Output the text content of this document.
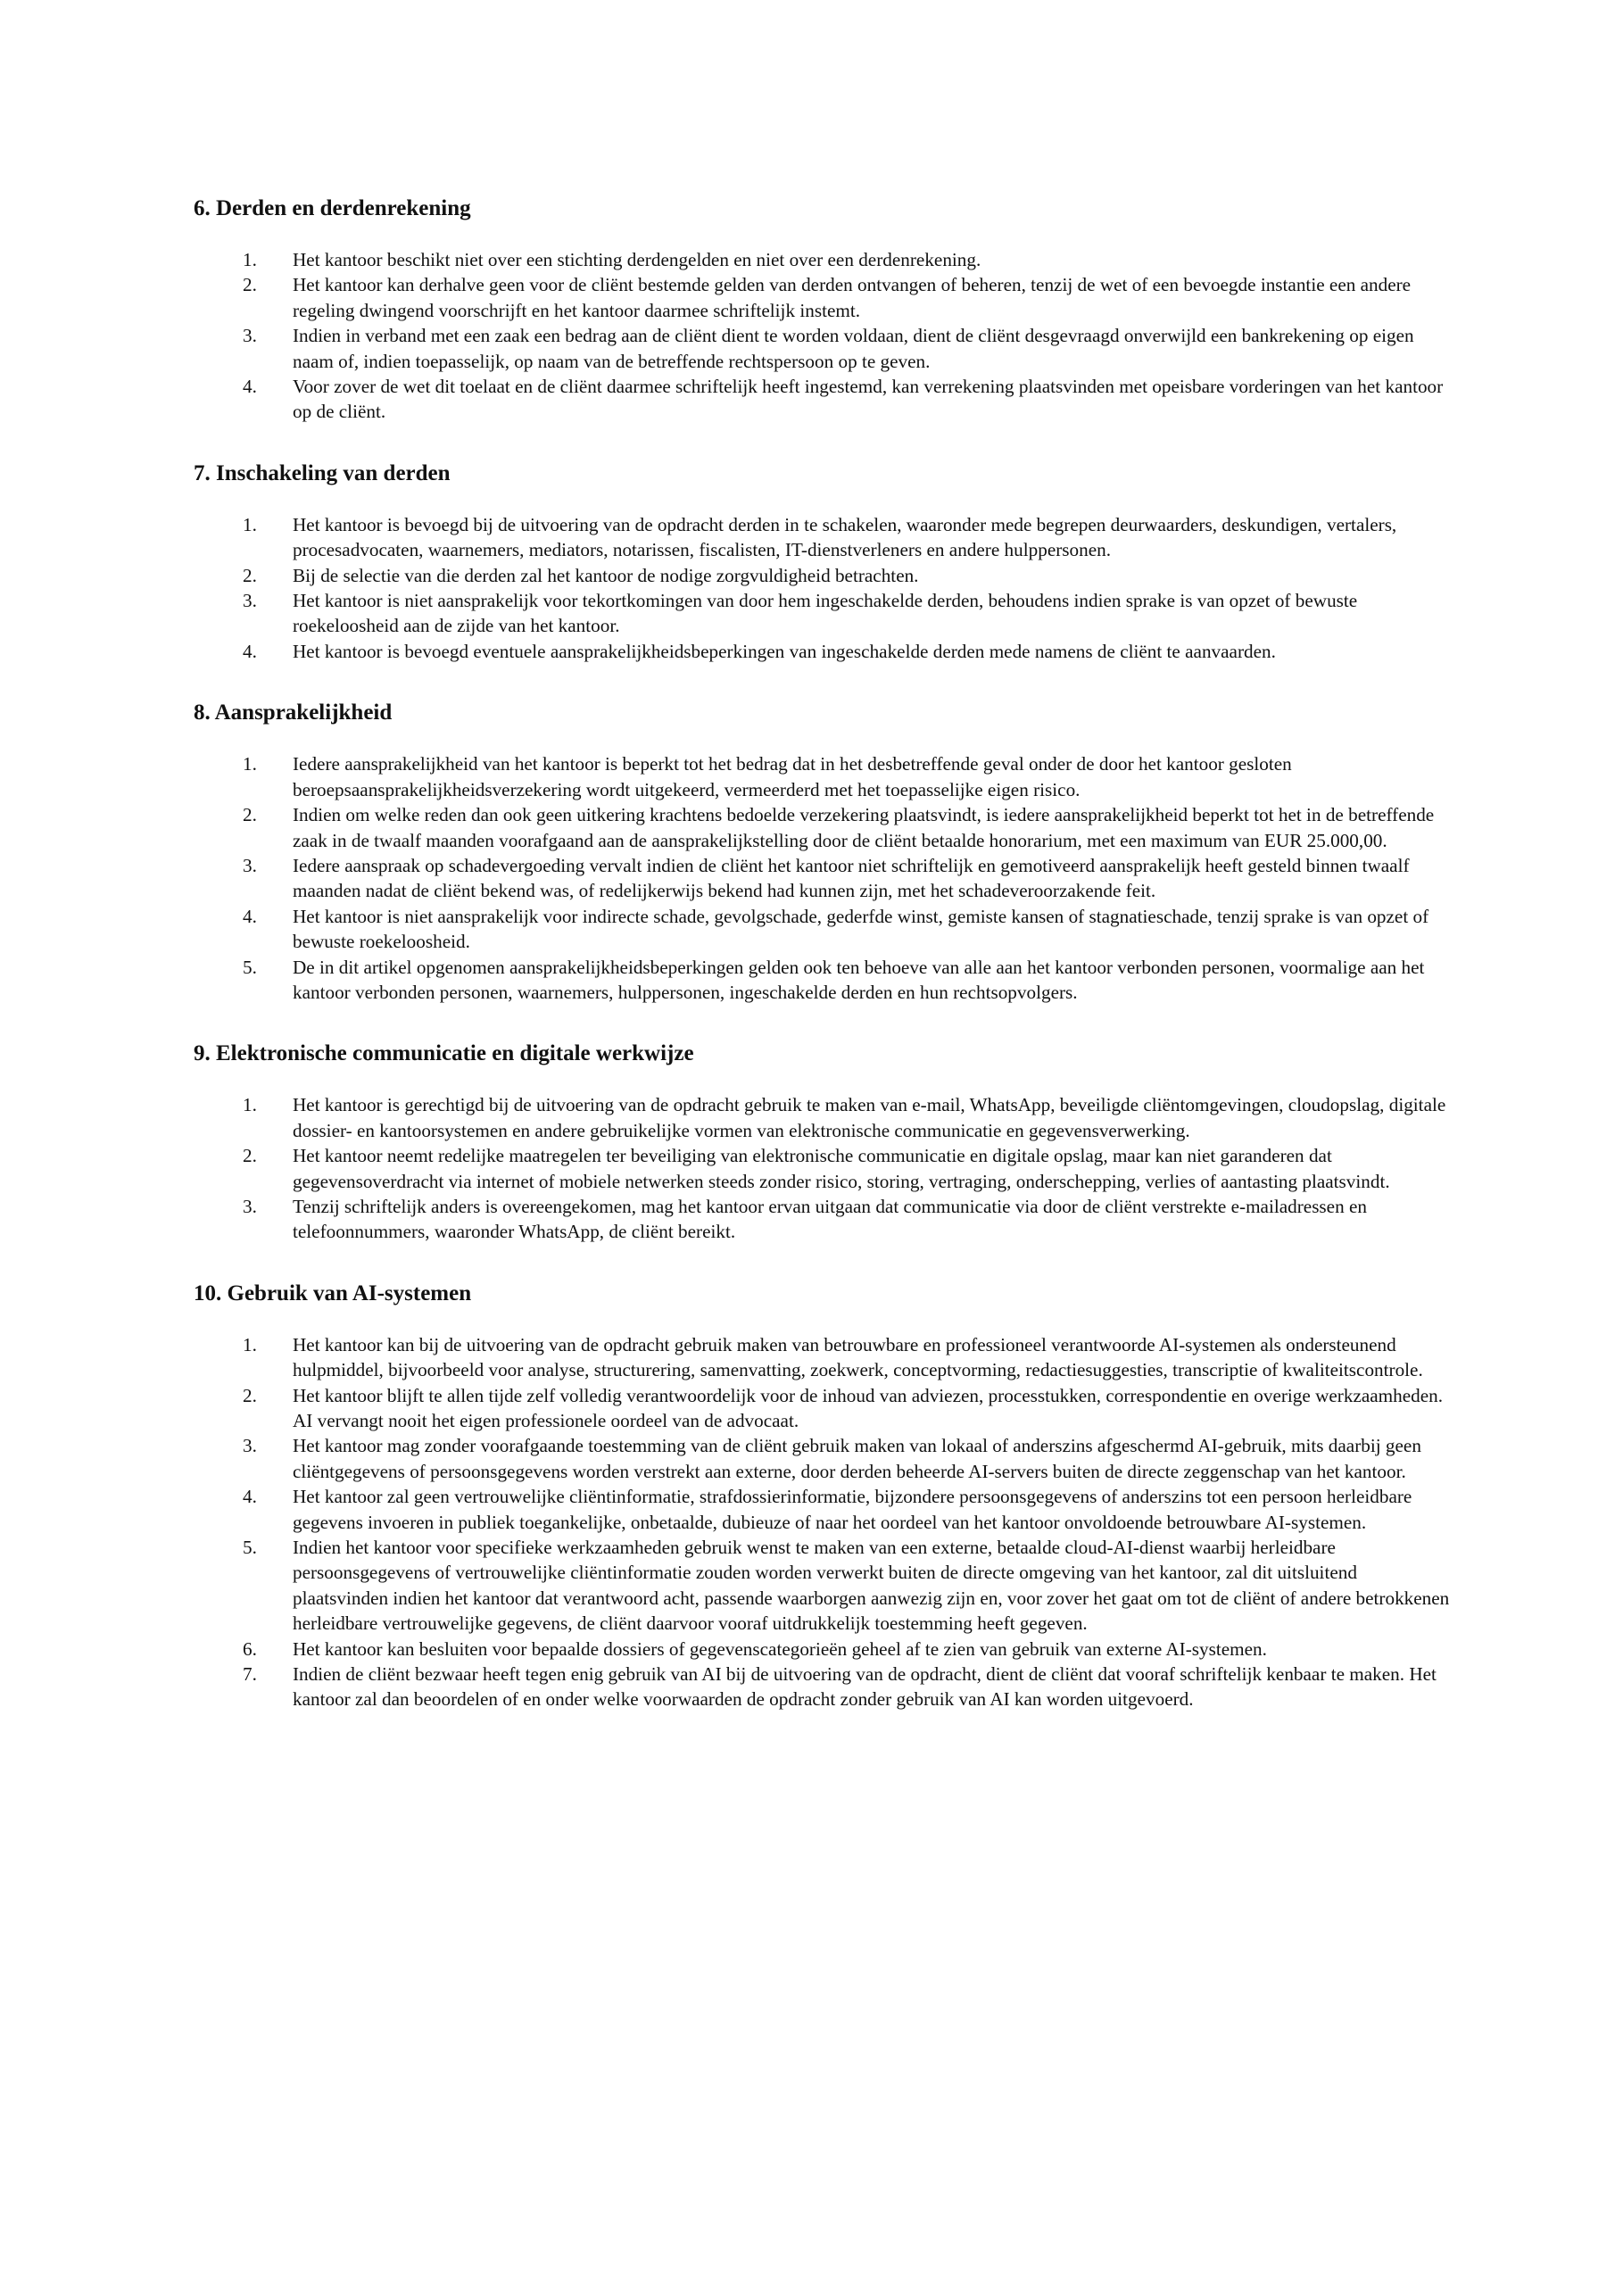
6. Derden en derdenrekening
1. Het kantoor beschikt niet over een stichting derdengelden en niet over een derdenrekening.
2. Het kantoor kan derhalve geen voor de cliënt bestemde gelden van derden ontvangen of beheren, tenzij de wet of een bevoegde instantie een andere regeling dwingend voorschrijft en het kantoor daarmee schriftelijk instemt.
3. Indien in verband met een zaak een bedrag aan de cliënt dient te worden voldaan, dient de cliënt desgevraagd onverwijld een bankrekening op eigen naam of, indien toepasselijk, op naam van de betreffende rechtspersoon op te geven.
4. Voor zover de wet dit toelaat en de cliënt daarmee schriftelijk heeft ingestemd, kan verrekening plaatsvinden met opeisbare vorderingen van het kantoor op de cliënt.
7. Inschakeling van derden
1. Het kantoor is bevoegd bij de uitvoering van de opdracht derden in te schakelen, waaronder mede begrepen deurwaarders, deskundigen, vertalers, procesadvocaten, waarnemers, mediators, notarissen, fiscalisten, IT-dienstverleners en andere hulppersonen.
2. Bij de selectie van die derden zal het kantoor de nodige zorgvuldigheid betrachten.
3. Het kantoor is niet aansprakelijk voor tekortkomingen van door hem ingeschakelde derden, behoudens indien sprake is van opzet of bewuste roekeloosheid aan de zijde van het kantoor.
4. Het kantoor is bevoegd eventuele aansprakelijkheidsbeperkingen van ingeschakelde derden mede namens de cliënt te aanvaarden.
8. Aansprakelijkheid
1. Iedere aansprakelijkheid van het kantoor is beperkt tot het bedrag dat in het desbetreffende geval onder de door het kantoor gesloten beroepsaansprakelijkheidsverzekering wordt uitgekeerd, vermeerderd met het toepasselijke eigen risico.
2. Indien om welke reden dan ook geen uitkering krachtens bedoelde verzekering plaatsvindt, is iedere aansprakelijkheid beperkt tot het in de betreffende zaak in de twaalf maanden voorafgaand aan de aansprakelijkstelling door de cliënt betaalde honorarium, met een maximum van EUR 25.000,00.
3. Iedere aanspraak op schadevergoeding vervalt indien de cliënt het kantoor niet schriftelijk en gemotiveerd aansprakelijk heeft gesteld binnen twaalf maanden nadat de cliënt bekend was, of redelijkerwijs bekend had kunnen zijn, met het schadeveroorzakende feit.
4. Het kantoor is niet aansprakelijk voor indirecte schade, gevolgschade, gederfde winst, gemiste kansen of stagnatieschade, tenzij sprake is van opzet of bewuste roekeloosheid.
5. De in dit artikel opgenomen aansprakelijkheidsbeperkingen gelden ook ten behoeve van alle aan het kantoor verbonden personen, voormalige aan het kantoor verbonden personen, waarnemers, hulppersonen, ingeschakelde derden en hun rechtsopvolgers.
9. Elektronische communicatie en digitale werkwijze
1. Het kantoor is gerechtigd bij de uitvoering van de opdracht gebruik te maken van e-mail, WhatsApp, beveiligde cliëntomgevingen, cloudopslag, digitale dossier- en kantoorsystemen en andere gebruikelijke vormen van elektronische communicatie en gegevensverwerking.
2. Het kantoor neemt redelijke maatregelen ter beveiliging van elektronische communicatie en digitale opslag, maar kan niet garanderen dat gegevensoverdracht via internet of mobiele netwerken steeds zonder risico, storing, vertraging, onderschepping, verlies of aantasting plaatsvindt.
3. Tenzij schriftelijk anders is overeengekomen, mag het kantoor ervan uitgaan dat communicatie via door de cliënt verstrekte e-mailadressen en telefoonnummers, waaronder WhatsApp, de cliënt bereikt.
10. Gebruik van AI-systemen
1. Het kantoor kan bij de uitvoering van de opdracht gebruik maken van betrouwbare en professioneel verantwoorde AI-systemen als ondersteunend hulpmiddel, bijvoorbeeld voor analyse, structurering, samenvatting, zoekwerk, conceptvorming, redactiesuggesties, transcriptie of kwaliteitscontrole.
2. Het kantoor blijft te allen tijde zelf volledig verantwoordelijk voor de inhoud van adviezen, processtukken, correspondentie en overige werkzaamheden. AI vervangt nooit het eigen professionele oordeel van de advocaat.
3. Het kantoor mag zonder voorafgaande toestemming van de cliënt gebruik maken van lokaal of anderszins afgeschermd AI-gebruik, mits daarbij geen cliëntgegevens of persoonsgegevens worden verstrekt aan externe, door derden beheerde AI-servers buiten de directe zeggenschap van het kantoor.
4. Het kantoor zal geen vertrouwelijke cliëntinformatie, strafdossierinformatie, bijzondere persoonsgegevens of anderszins tot een persoon herleidbare gegevens invoeren in publiek toegankelijke, onbetaalde, dubieuze of naar het oordeel van het kantoor onvoldoende betrouwbare AI-systemen.
5. Indien het kantoor voor specifieke werkzaamheden gebruik wenst te maken van een externe, betaalde cloud-AI-dienst waarbij herleidbare persoonsgegevens of vertrouwelijke cliëntinformatie zouden worden verwerkt buiten de directe omgeving van het kantoor, zal dit uitsluitend plaatsvinden indien het kantoor dat verantwoord acht, passende waarborgen aanwezig zijn en, voor zover het gaat om tot de cliënt of andere betrokkenen herleidbare vertrouwelijke gegevens, de cliënt daarvoor vooraf uitdrukkelijk toestemming heeft gegeven.
6. Het kantoor kan besluiten voor bepaalde dossiers of gegevenscategorieën geheel af te zien van gebruik van externe AI-systemen.
7. Indien de cliënt bezwaar heeft tegen enig gebruik van AI bij de uitvoering van de opdracht, dient de cliënt dat vooraf schriftelijk kenbaar te maken. Het kantoor zal dan beoordelen of en onder welke voorwaarden de opdracht zonder gebruik van AI kan worden uitgevoerd.
